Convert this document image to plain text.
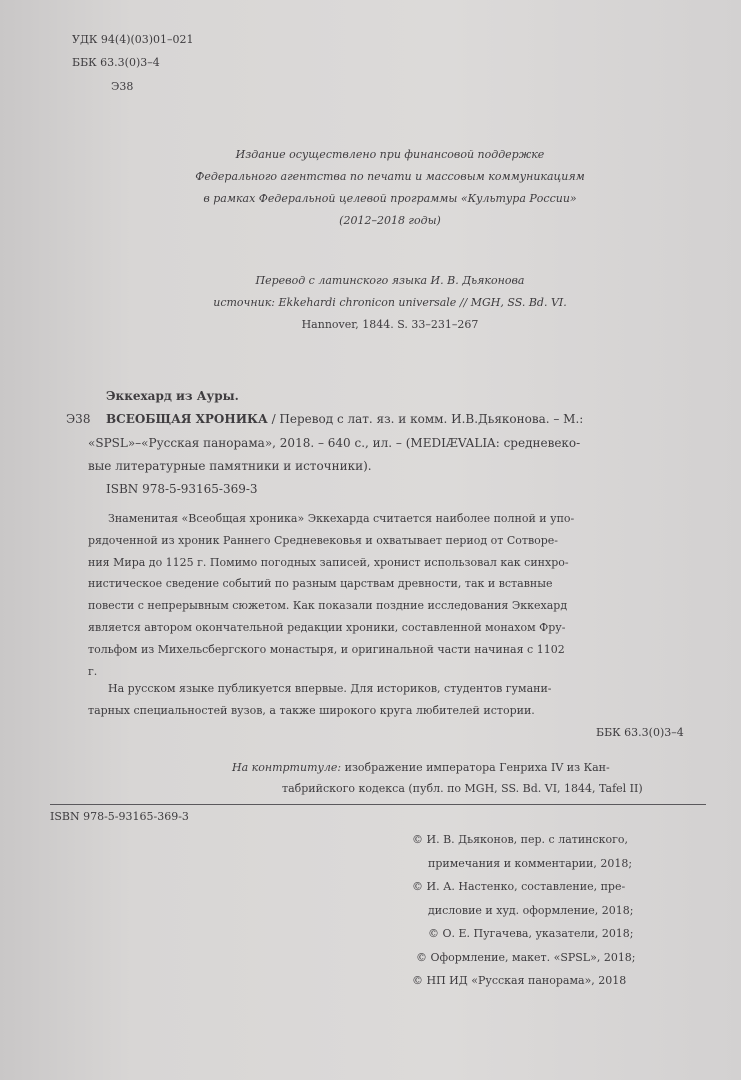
УДК 94(4)(03)01–021
ББК 63.3(0)3–4
Э38
Издание осуществлено при финансовой поддержке
Федерального агентства по печати и массовым коммуникациям
в рамках Федеральной целевой программы «Культура России»
(2012–2018 годы)
Перевод с латинского языка И. В. Дьяконова
источник: Ekkehardi chronicon universale // MGH, SS. Bd. VI.
Hannover, 1844. S. 33–231–267
Эккехард из Ауры.
Э38 ВСЕОБЩАЯ ХРОНИКА / Перевод с лат. яз. и комм. И.В.Дьяконова. – М.:
«SPSL»–«Русская панорама», 2018. – 640 с., ил. – (MEDIÆVALIA: средневеко-
вые литературные памятники и источники).
ISBN 978-5-93165-369-3
Знаменитая «Всеобщая хроника» Эккехарда считается наиболее полной и упо-
рядоченной из хроник Раннего Средневековья и охватывает период от Сотворе-
ния Мира до 1125 г. Помимо погодных записей, хронист использовал как синхро-
нистическое сведение событий по разным царствам древности, так и вставные
повести с непрерывным сюжетом. Как показали поздние исследования Эккехард
является автором окончательной редакции хроники, составленной монахом Фру-
тольфом из Михельсбергского монастыря, и оригинальной части начиная с 1102
г.
На русском языке публикуется впервые. Для историков, студентов гумани-
тарных специальностей вузов, а также широкого круга любителей истории.
ББК 63.3(0)3–4
На контртитуле: изображение императора Генриха IV из Кан-
табрийского кодекса (публ. по MGH, SS. Bd. VI, 1844, Tafel II)
ISBN 978-5-93165-369-3
© И. В. Дьяконов, пер. с латинского,
примечания и комментарии, 2018;
© И. А. Настенко, составление, пре-
дисловие и худ. оформление, 2018;
© О. Е. Пугачева, указатели, 2018;
© Оформление, макет. «SPSL», 2018;
© НП ИД «Русская панорама», 2018
